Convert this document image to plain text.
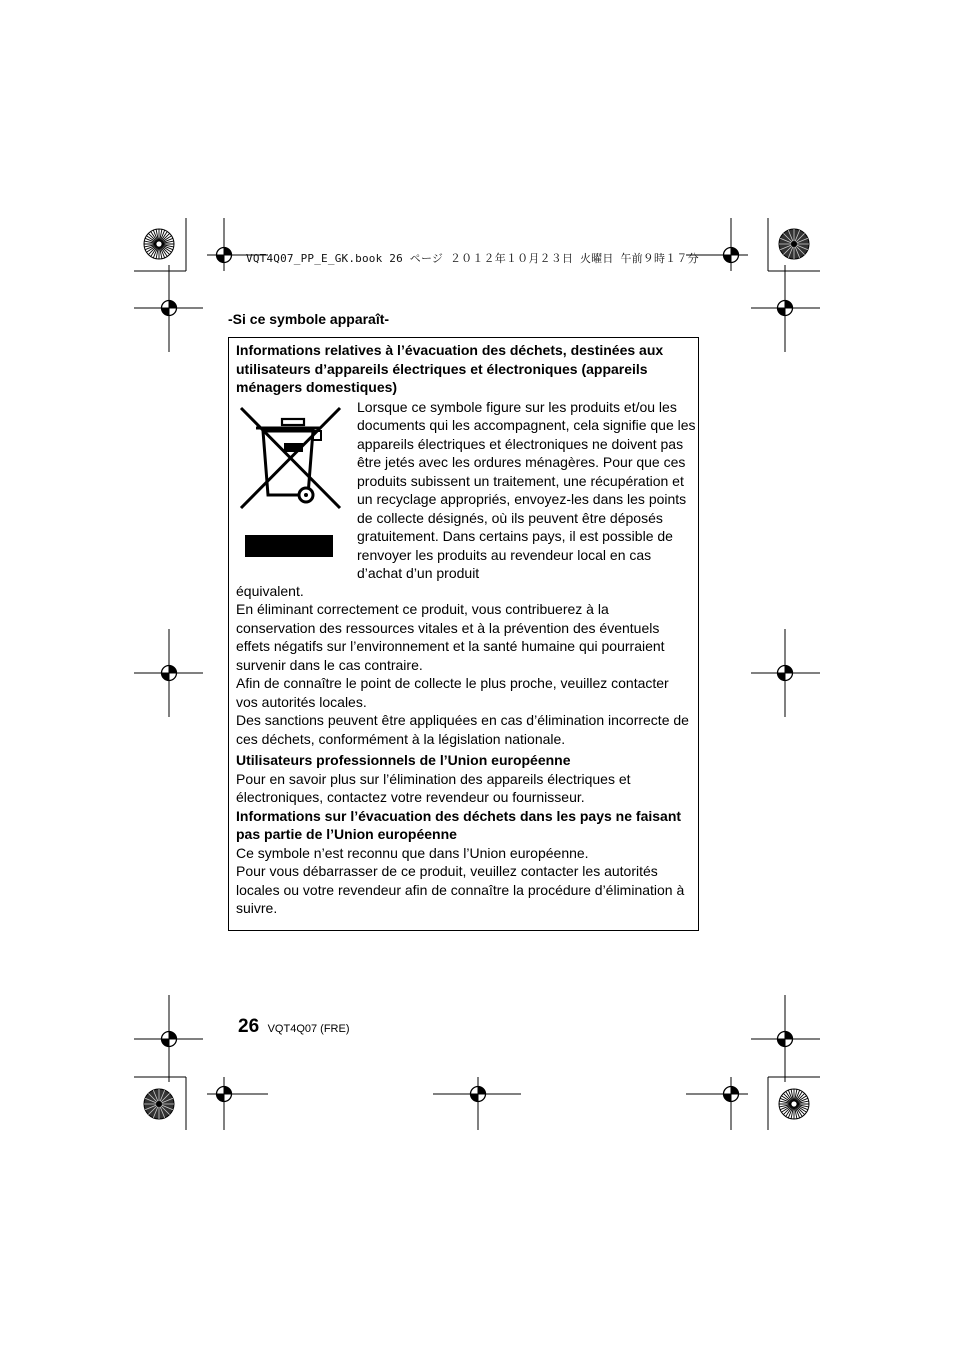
VQT4Q07_PP_E_GK.book 26 ページ ２０１２年１０月２３日 火曜日 午前９時１７分
-Si ce symbole apparaît-

Informations relatives à l’évacuation des déchets, destinées aux utilisateurs d’appareils électriques et électroniques (appareils ménagers domestiques)

Lorsque ce symbole figure sur les produits et/ou les documents qui les accompagnent, cela signifie que les appareils électriques et électroniques ne doivent pas être jetés avec les ordures ménagères. Pour que ces produits subissent un traitement, une récupération et un recyclage appropriés, envoyez-les dans les points de collecte désignés, où ils peuvent être déposés gratuitement. Dans certains pays, il est possible de renvoyer les produits au revendeur local en cas d’achat d’un produit

équivalent.

En éliminant correctement ce produit, vous contribuerez à la conservation des ressources vitales et à la prévention des éventuels effets négatifs sur l’environnement et la santé humaine qui pourraient survenir dans le cas contraire.

Afin de connaître le point de collecte le plus proche, veuillez contacter vos autorités locales.

Des sanctions peuvent être appliquées en cas d’élimination incorrecte de ces déchets, conformément à la législation nationale.

Utilisateurs professionnels de l’Union européenne

Pour en savoir plus sur l’élimination des appareils électriques et électroniques, contactez votre revendeur ou fournisseur.

Informations sur l’évacuation des déchets dans les pays ne faisant pas partie de l’Union européenne

Ce symbole n’est reconnu que dans l’Union européenne.

Pour vous débarrasser de ce produit, veuillez contacter les autorités locales ou votre revendeur afin de connaître la procédure d’élimination à suivre.

26 VQT4Q07 (FRE)
